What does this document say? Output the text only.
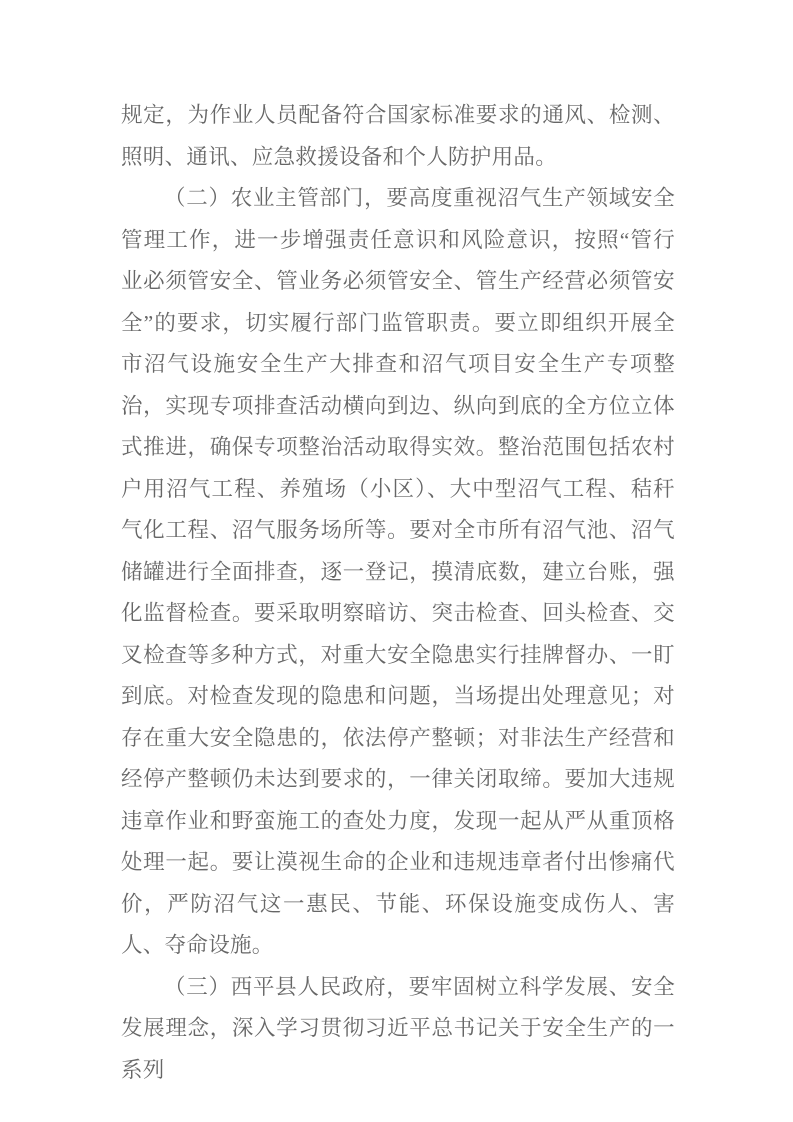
规定，为作业人员配备符合国家标准要求的通风、检测、照明、通讯、应急救援设备和个人防护用品。

（二）农业主管部门，要高度重视沼气生产领域安全管理工作，进一步增强责任意识和风险意识，按照“管行业必须管安全、管业务必须管安全、管生产经营必须管安全”的要求，切实履行部门监管职责。要立即组织开展全市沼气设施安全生产大排查和沼气项目安全生产专项整治，实现专项排查活动横向到边、纵向到底的全方位立体式推进，确保专项整治活动取得实效。整治范围包括农村户用沼气工程、养殖场（小区）、大中型沼气工程、秸秆气化工程、沼气服务场所等。要对全市所有沼气池、沼气储罐进行全面排查，逐一登记，摸清底数，建立台账，强化监督检查。要采取明察暗访、突击检查、回头检查、交叉检查等多种方式，对重大安全隐患实行挂牌督办、一盯到底。对检查发现的隐患和问题，当场提出处理意见；对存在重大安全隐患的，依法停产整顿；对非法生产经营和经停产整顿仍未达到要求的，一律关闭取缔。要加大违规违章作业和野蛮施工的查处力度，发现一起从严从重顶格处理一起。要让漠视生命的企业和违规违章者付出惨痛代价，严防沼气这一惠民、节能、环保设施变成伤人、害人、夺命设施。

（三）西平县人民政府，要牢固树立科学发展、安全发展理念，深入学习贯彻习近平总书记关于安全生产的一系列
